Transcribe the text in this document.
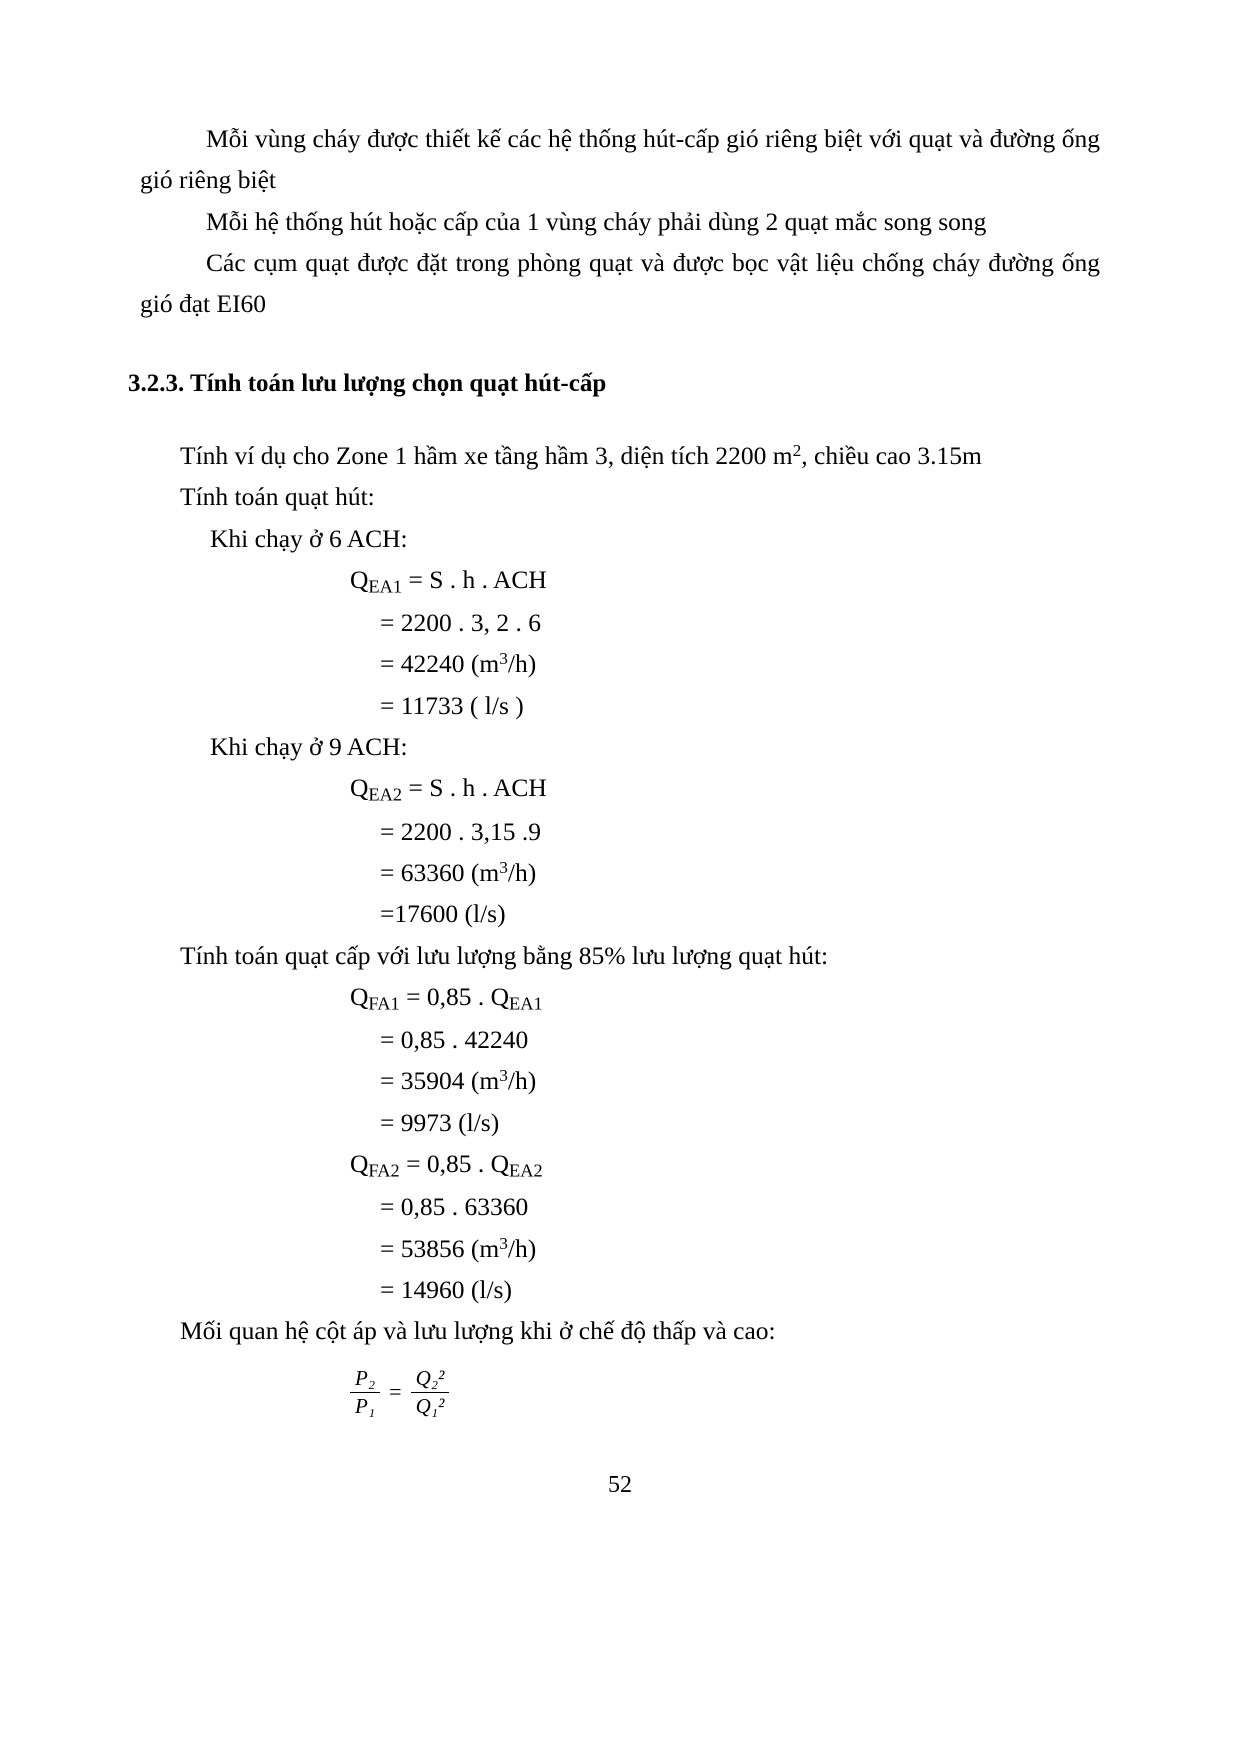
Mỗi vùng cháy được thiết kế các hệ thống hút-cấp gió riêng biệt với quạt và đường ống gió riêng biệt

Mỗi hệ thống hút hoặc cấp của 1 vùng cháy phải dùng 2 quạt mắc song song

Các cụm quạt được đặt trong phòng quạt và được bọc vật liệu chống cháy đường ống gió đạt EI60

3.2.3. Tính toán lưu lượng chọn quạt hút-cấp

Tính ví dụ cho Zone 1 hầm xe tầng hầm 3, diện tích 2200 $m^2$, chiều cao 3.15m

Tính toán quạt hút:

Khi chạy ở 6 ACH:

$Q_{EA1} = S$ . h . ACH

= 2200 . 3, 2 . 6

= 42240 $(m^3/h)$

= 11733 ( l/s )

Khi chạy ở 9 ACH:

$Q_{EA2} = S$ . h . ACH

= 2200 . 3,15 .9

= 63360 $(m^3/h)$

=17600 (l/s)

Tính toán quạt cấp với lưu lượng bằng 85% lưu lượng quạt hút:

$Q_{FA1} = 0,85$ . $Q_{EA1}$

= 0,85 . 42240

= 35904 $(m^3/h)$

= 9973 (l/s)

$Q_{FA2} = 0,85$ . $Q_{EA2}$

= 0,85 . 63360

= 53856 $(m^3/h)$

= 14960 (l/s)

Mối quan hệ cột áp và lưu lượng khi ở chế độ thấp và cao:

$\frac{\text{P₂}}{\text{P₁}} = \frac{\text{Q₂²}}{\text{Q₁²}}$
52
